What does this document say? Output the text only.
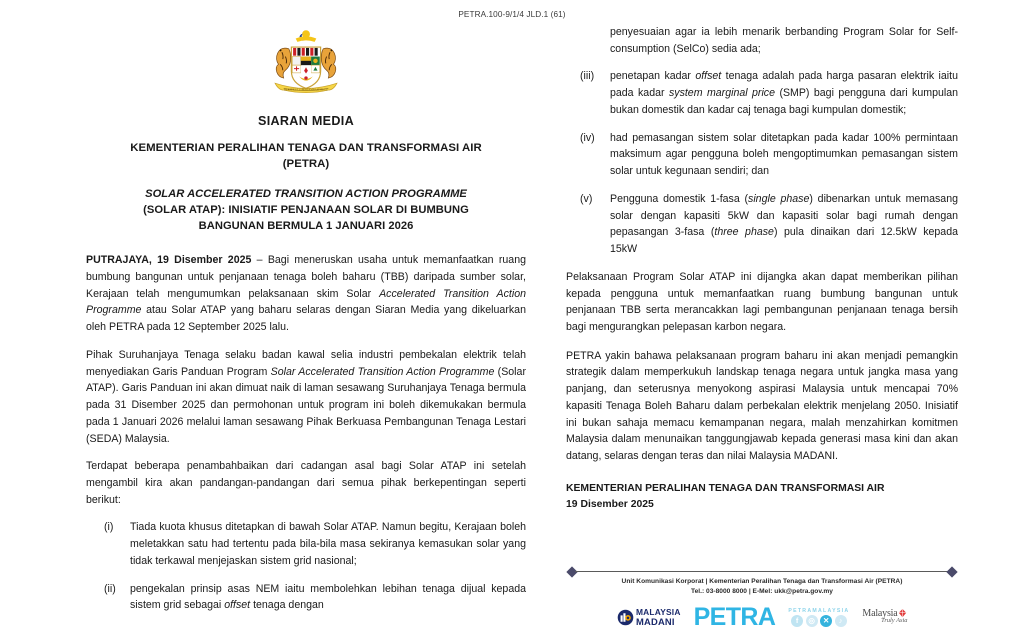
PETRA.100-9/1/4 JLD.1 (61)
BERSEKUTU BERTAMBAH MUTU
SIARAN MEDIA
KEMENTERIAN PERALIHAN TENAGA DAN TRANSFORMASI AIR
(PETRA)
SOLAR ACCELERATED TRANSITION ACTION PROGRAMME
(SOLAR ATAP): INISIATIF PENJANAAN SOLAR DI BUMBUNG
BANGUNAN BERMULA 1 JANUARI 2026

PUTRAJAYA, 19 Disember 2025 – Bagi meneruskan usaha untuk memanfaatkan ruang bumbung bangunan untuk penjanaan tenaga boleh baharu (TBB) daripada sumber solar, Kerajaan telah mengumumkan pelaksanaan skim Solar Accelerated Transition Action Programme atau Solar ATAP yang baharu selaras dengan Siaran Media yang dikeluarkan oleh PETRA pada 12 September 2025 lalu.

Pihak Suruhanjaya Tenaga selaku badan kawal selia industri pembekalan elektrik telah menyediakan Garis Panduan Program Solar Accelerated Transition Action Programme (Solar ATAP). Garis Panduan ini akan dimuat naik di laman sesawang Suruhanjaya Tenaga bermula pada 31 Disember 2025 dan permohonan untuk program ini boleh dikemukakan bermula pada 1 Januari 2026 melalui laman sesawang Pihak Berkuasa Pembangunan Tenaga Lestari (SEDA) Malaysia.

Terdapat beberapa penambahbaikan dari cadangan asal bagi Solar ATAP ini setelah mengambil kira akan pandangan-pandangan dari semua pihak berkepentingan seperti berikut:

(i)	Tiada kuota khusus ditetapkan di bawah Solar ATAP. Namun begitu, Kerajaan boleh meletakkan satu had tertentu pada bila-bila masa sekiranya kemasukan solar yang tidak terkawal menjejaskan sistem grid nasional;
(ii)	pengekalan prinsip asas NEM iaitu membolehkan lebihan tenaga dijual kepada sistem grid sebagai offset tenaga dengan
penyesuaian agar ia lebih menarik berbanding Program Solar for Self-consumption (SelCo) sedia ada;
(iii)	penetapan kadar offset tenaga adalah pada harga pasaran elektrik iaitu pada kadar system marginal price (SMP) bagi pengguna dari kumpulan bukan domestik dan kadar caj tenaga bagi kumpulan domestik;
(iv)	had pemasangan sistem solar ditetapkan pada kadar 100% permintaan maksimum agar pengguna boleh mengoptimumkan pemasangan sistem solar untuk kegunaan sendiri; dan
(v)	Pengguna domestik 1-fasa (single phase) dibenarkan untuk memasang solar dengan kapasiti 5kW dan kapasiti solar bagi rumah dengan pepasangan 3-fasa (three phase) pula dinaikan dari 12.5kW kepada 15kW

Pelaksanaan Program Solar ATAP ini dijangka akan dapat memberikan pilihan kepada pengguna untuk memanfaatkan ruang bumbung bangunan untuk penjanaan TBB serta merancakkan lagi pembangunan penjanaan tenaga bersih bagi mengurangkan pelepasan karbon negara.

PETRA yakin bahawa pelaksanaan program baharu ini akan menjadi pemangkin strategik dalam memperkukuh landskap tenaga negara untuk jangka masa yang panjang, dan seterusnya menyokong aspirasi Malaysia untuk mencapai 70% kapasiti Tenaga Boleh Baharu dalam perbekalan elektrik menjelang 2050. Inisiatif ini bukan sahaja memacu kemampanan negara, malah menzahirkan komitmen Malaysia dalam menunaikan tanggungjawab kepada generasi masa kini dan akan datang, selaras dengan teras dan nilai Malaysia MADANI.

KEMENTERIAN PERALIHAN TENAGA DAN TRANSFORMASI AIR
19 Disember 2025
Unit Komunikasi Korporat | Kementerian Peralihan Tenaga dan Transformasi Air (PETRA)
Tel.: 03-8000 8000 | E-Mel: ukk@petra.gov.my
MALAYSIA
MADANI PETRA	PETRAMALAYSIA
f	◎	✕	♪
Malaysia
Truly Asia
